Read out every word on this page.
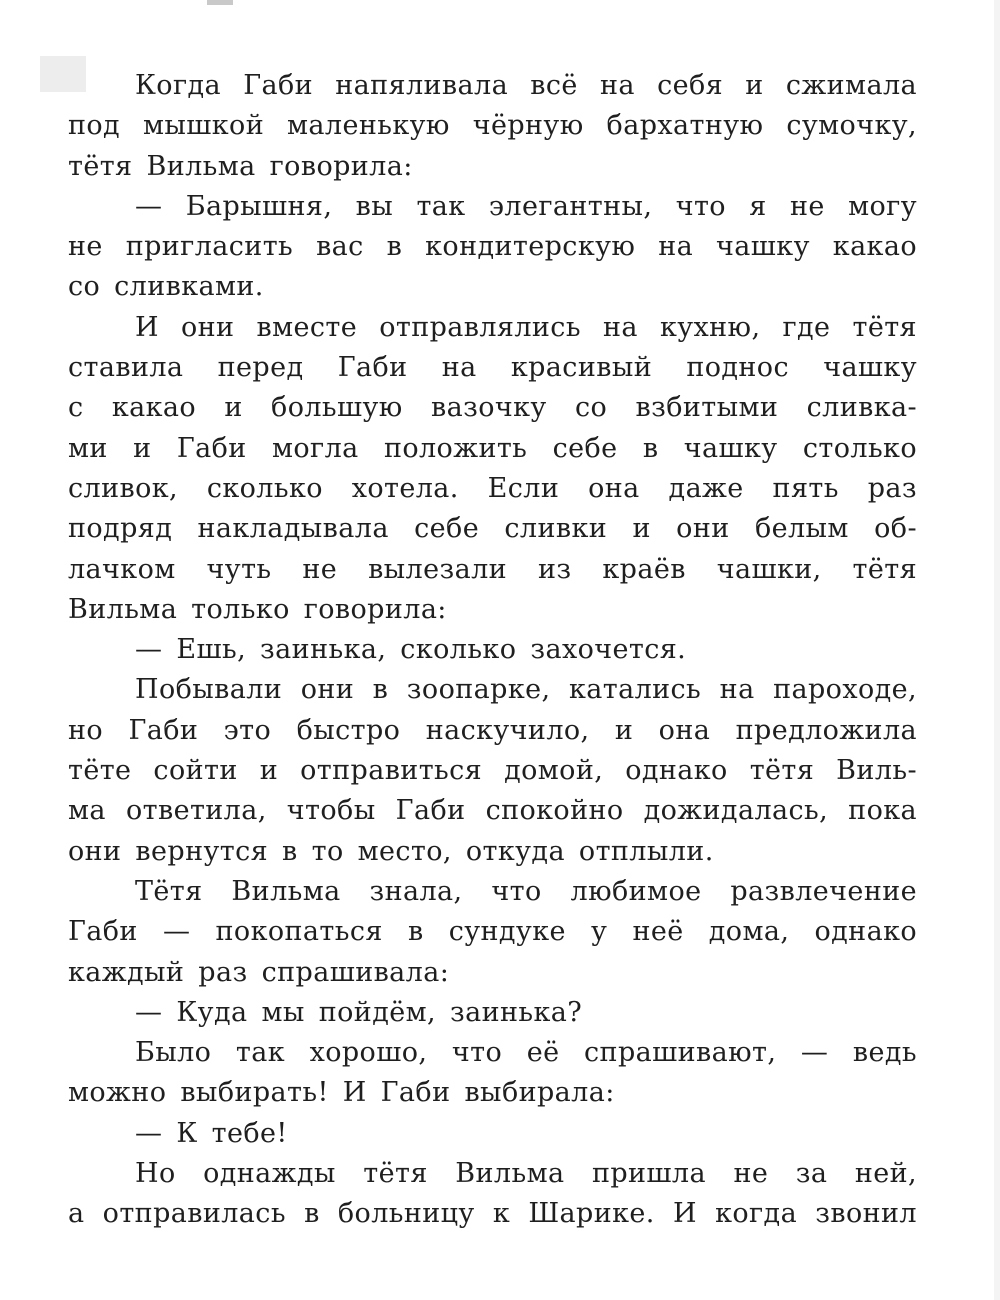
Когда Габи напяливала всё на себя и сжимала
под мышкой маленькую чёрную бархатную сумочку,
тётя Вильма говорила:
— Барышня, вы так элегантны, что я не могу
не пригласить вас в кондитерскую на чашку какао
со сливками.
И они вместе отправлялись на кухню, где тётя
ставила перед Габи на красивый поднос чашку
с какао и большую вазочку со взбитыми сливка-
ми и Габи могла положить себе в чашку столько
сливок, сколько хотела. Если она даже пять раз
подряд накладывала себе сливки и они белым об-
лачком чуть не вылезали из краёв чашки, тётя
Вильма только говорила:
— Ешь, заинька, сколько захочется.
Побывали они в зоопарке, катались на пароходе,
но Габи это быстро наскучило, и она предложила
тёте сойти и отправиться домой, однако тётя Виль-
ма ответила, чтобы Габи спокойно дожидалась, пока
они вернутся в то место, откуда отплыли.
Тётя Вильма знала, что любимое развлечение
Габи — покопаться в сундуке у неё дома, однако
каждый раз спрашивала:
— Куда мы пойдём, заинька?
Было так хорошо, что её спрашивают, — ведь
можно выбирать! И Габи выбирала:
— К тебе!
Но однажды тётя Вильма пришла не за ней,
а отправилась в больницу к Шарике. И когда звонил
